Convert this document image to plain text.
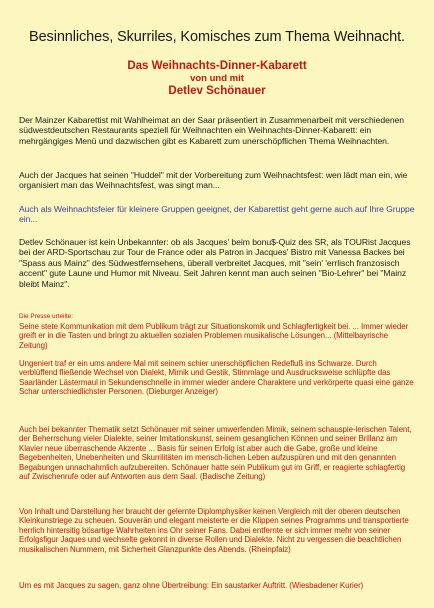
Besinnliches, Skurriles, Komisches zum Thema Weihnacht.
Das Weihnachts-Dinner-Kabarett
von und mit
Detlev Schönauer
Der Mainzer Kabarettist mit Wahlheimat an der Saar präsentiert in Zusammenarbeit mit verschiedenen südwestdeutschen Restaurants speziell für Weihnachten ein Weihnachts-Dinner-Kabarett: ein mehrgängiges Menü und dazwischen gibt es Kabarett zum unerschöpflichen Thema Weihnachten.
Auch der Jacques hat seinen "Huddel" mit der Vorbereitung zum Weihnachtsfest: wen lädt man ein, wie organisiert man das Weihnachtsfest, was singt man...
Auch als Weihnachtsfeier für kleinere Gruppen geeignet, der Kabarettist geht gerne auch auf Ihre Gruppe ein...
Detlev Schönauer ist kein Unbekannter: ob als Jacques' beim bonu$-Quiz des SR, als TOURist Jacques bei der ARD-Sportschau zur Tour de France oder als Patron in Jacques' Bistro mit Vanessa Backes bei "Spass aus Mainz" des Südwestfernsehens, überall verbreitet Jacques, mit "sein' 'errlisch franzosisch accent" gute Laune und Humor mit Niveau. Seit Jahren kennt man auch seinen "Bio-Lehrer" bei "Mainz bleibt Mainz".
Die Presse urteilte:
Seine stete Kommunikation mit dem Publikum trägt zur Situationskomik und Schlagfertigkeit bei. ... Immer wieder greift er in die Tasten und bringt zu aktuellen sozialen Problemen musikalische Lösungen... (Mittelbayrische Zeitung)
Ungeniert traf er ein ums andere Mal mit seinem schier unerschöpflichen Redefluß ins Schwarze. Durch verblüffend fließende Wechsel von Dialekt, Mimik und Gestik, Stimmlage und Ausdrucksweise schlüpfte das Saarländer Lästermaul in Sekundenschnelle in immer wieder andere Charaktere und verkörperte quasi eine ganze Schar unterschiedlichster Personen. (Dieburger Anzeiger)
Auch bei bekannter Thematik setzt Schönauer mit seiner umwerfenden Mimik, seinem schauspie-lerischen Talent, der Beherrschung vieler Dialekte, seiner Imitationskunst, seinem gesanglichen Können und seiner Brillanz am Klavier neue überraschende Akzente ... Basis für seinen Erfolg ist aber auch die Gabe, große und kleine Begebenheiten, Unebenheiten und Skurrilitäten im mensch-lichen Leben aufzuspüren und mit den genannten Begabungen unnachahmlich aufzubereiten. Schönauer hatte sein Publikum gut im Griff, er reagierte schlagfertig auf Zwischenrufe oder auf Antworten aus dem Saal. (Badische Zeitung)
Von Inhalt und Darstellung her braucht der gelernte Diplomphysiker keinen Vergleich mit der oberen deutschen Kleinkunstriege zu scheuen. Souverän und elegant meisterte er die Klippen seines Programms und transportierte herrlich hintersitig bösartige Wahrheiten ins Ohr seiner Fans. Dabei entfernte er sich immer mehr von seiner Erfolgsfigur Jaques und wechselte gekonnt in diverse Rollen und Dialekte. Nicht zu vergessen die beachtlichen musikalischen Nummern, mit Sicherheit Glanzpunkte des Abends. (Rheinpfalz)
Um es mit Jacques zu sagen, ganz ohne Übertreibung: Ein saustarker Auftritt. (Wiesbadener Kurier)
